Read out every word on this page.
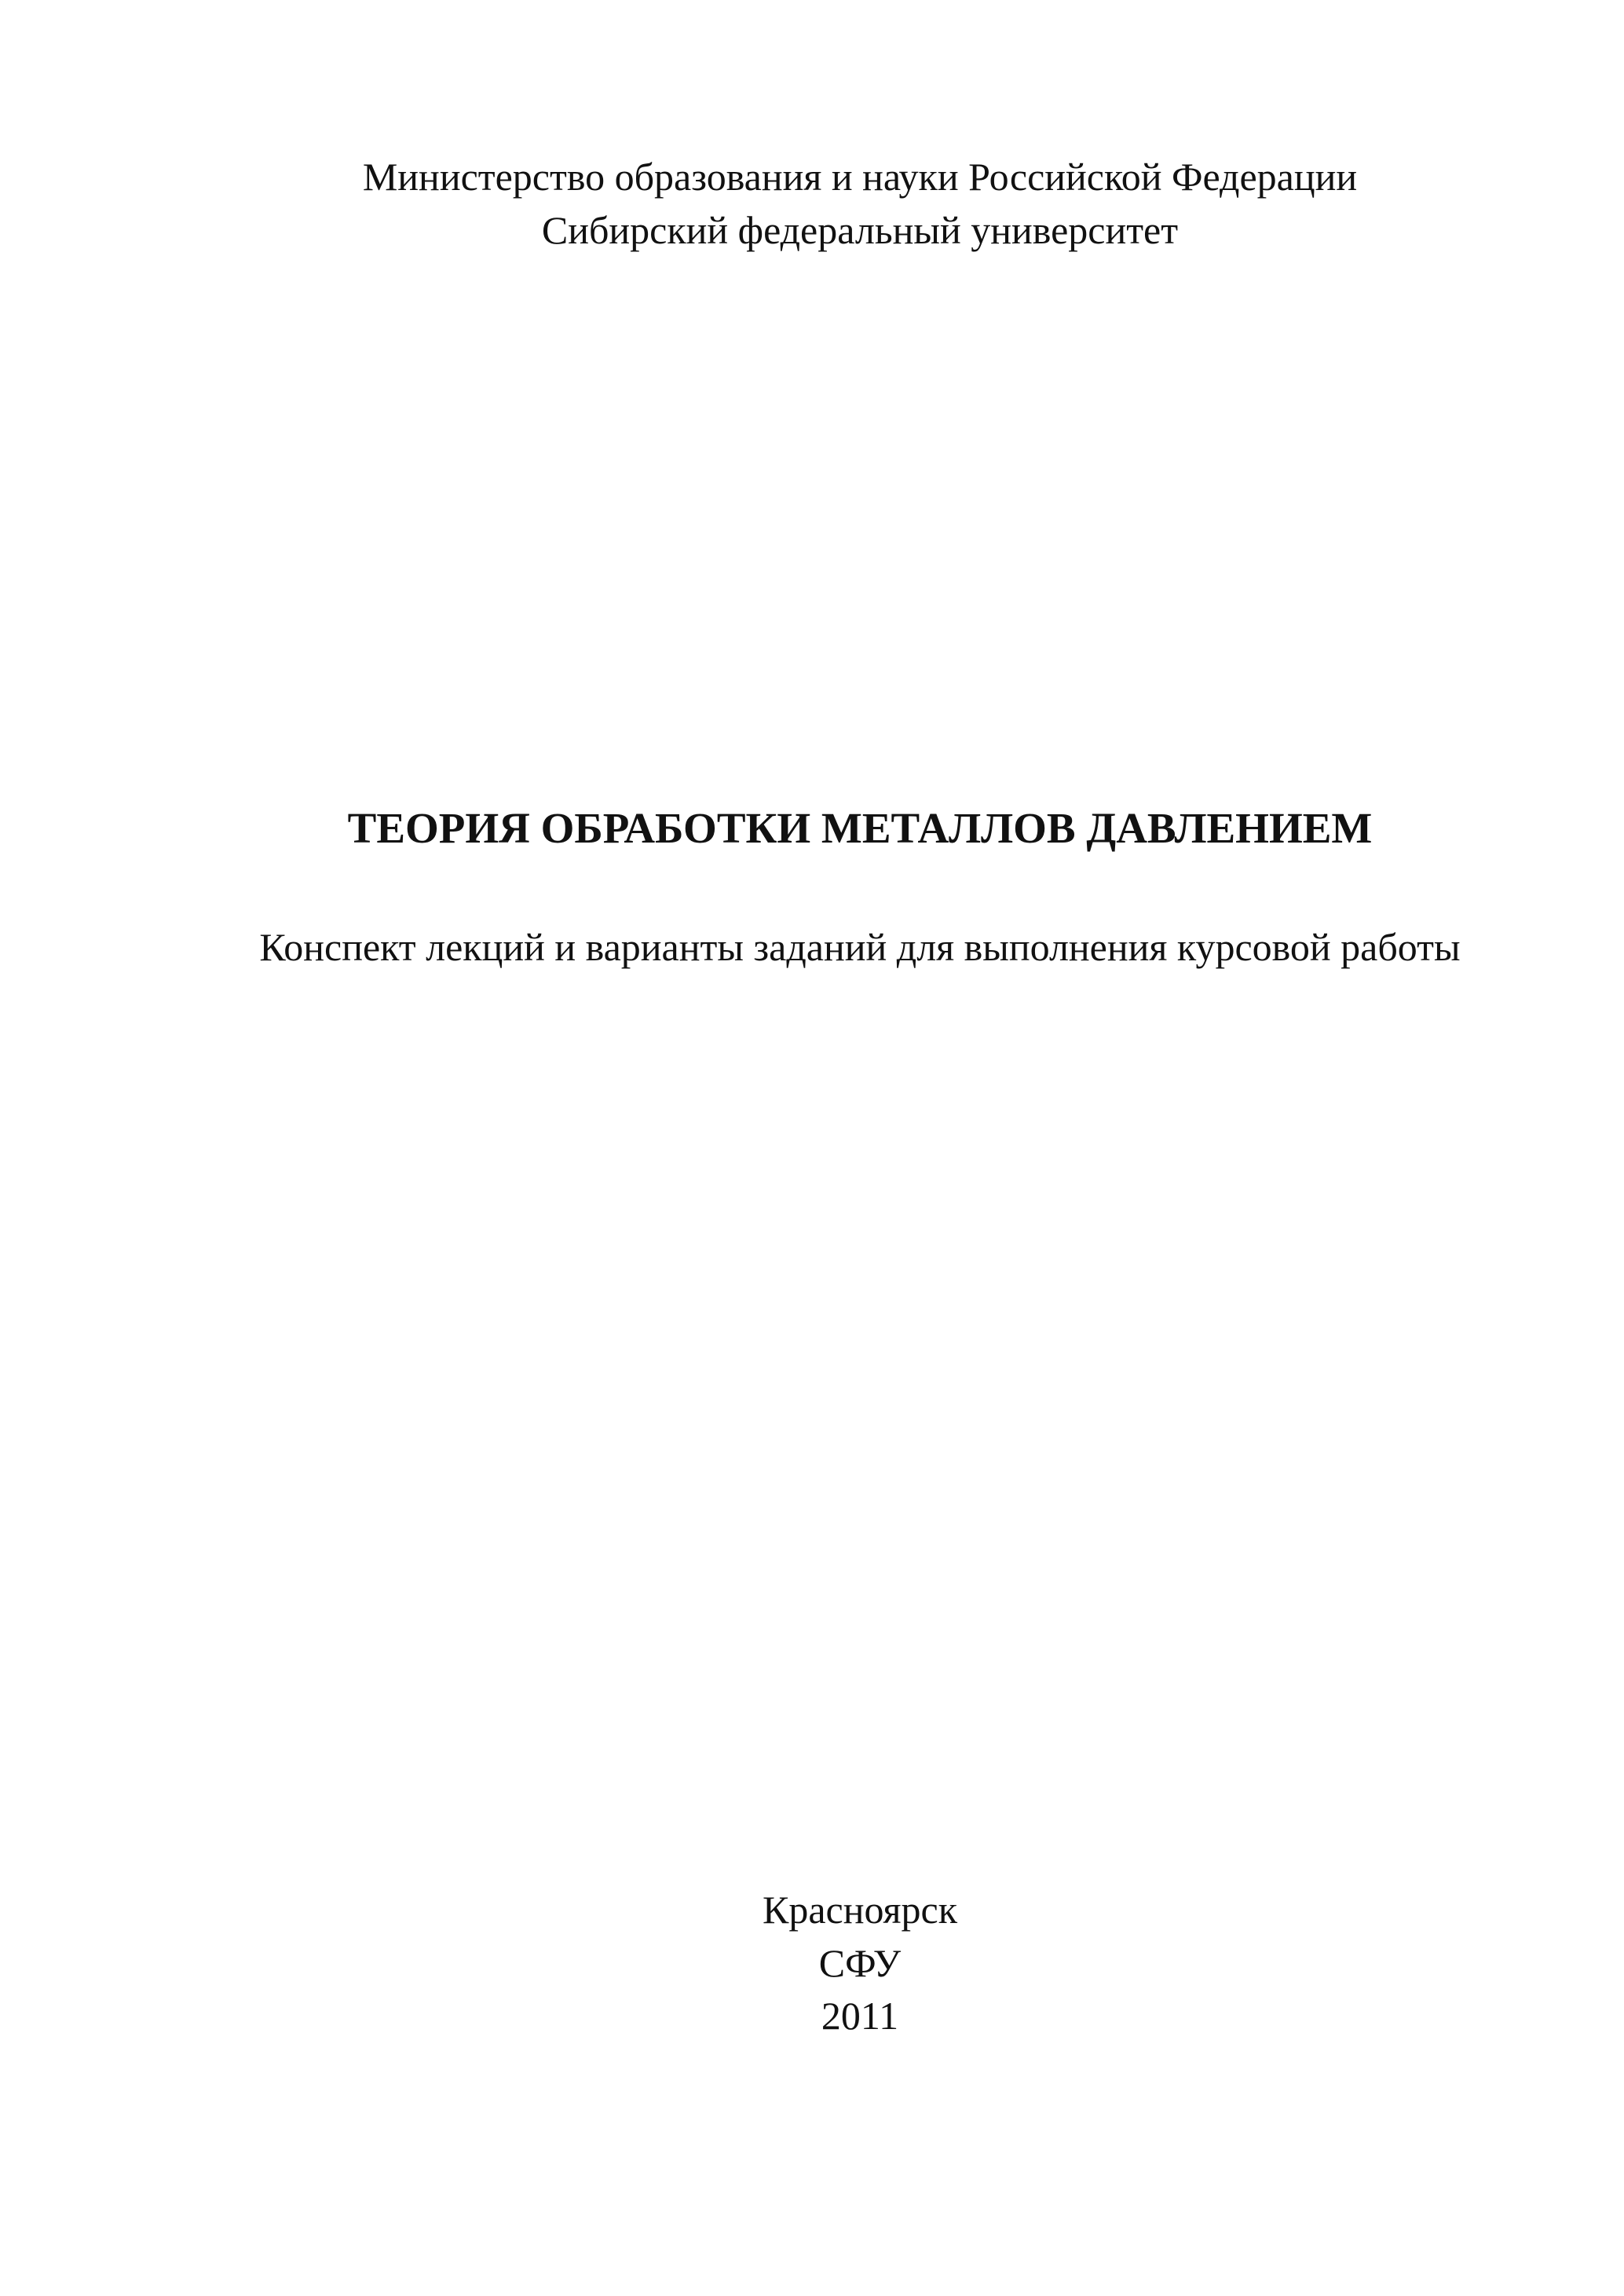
Министерство образования и науки Российской Федерации

Сибирский федеральный университет

ТЕОРИЯ ОБРАБОТКИ МЕТАЛЛОВ ДАВЛЕНИЕМ

Конспект лекций и варианты заданий для выполнения курсовой работы

Красноярск

СФУ

2011
